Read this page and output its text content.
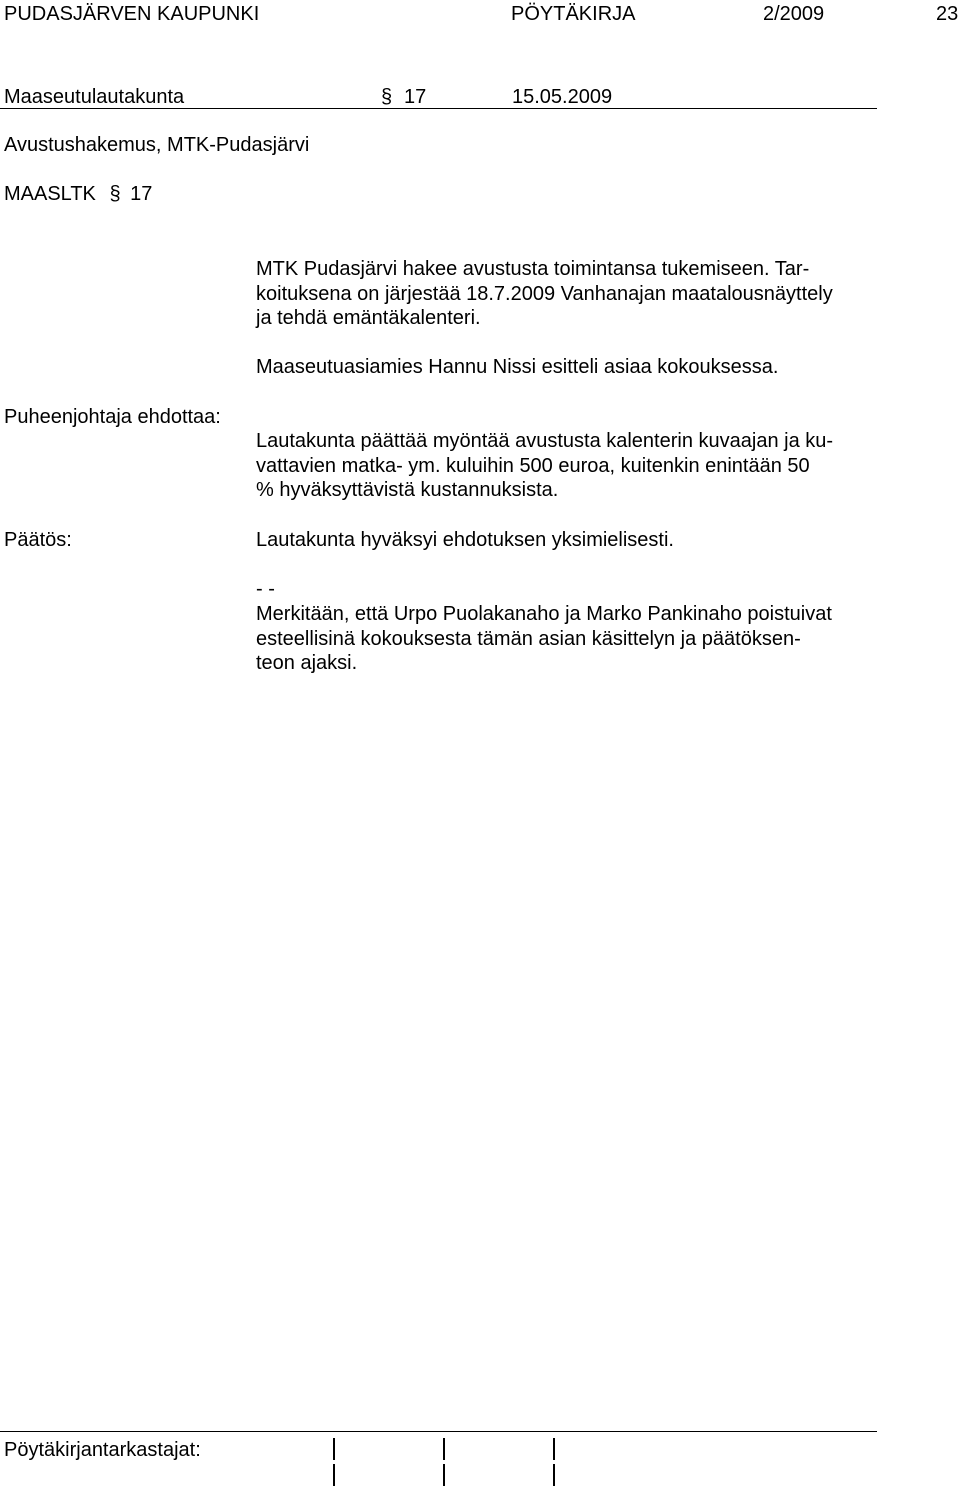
PUDASJÄRVEN KAUPUNKI	PÖYTÄKIRJA	2/2009	23
Maaseutulautakunta	§ 17	15.05.2009
Avustushakemus, MTK-Pudasjärvi
MAASLTK § 17
MTK Pudasjärvi hakee avustusta toimintansa tukemiseen. Tar-
koituksena on järjestää 18.7.2009 Vanhanajan maatalousnäyttely
ja tehdä emäntäkalenteri.
Maaseutuasiamies Hannu Nissi esitteli asiaa kokouksessa.
Puheenjohtaja ehdottaa:
Lautakunta päättää myöntää avustusta kalenterin kuvaajan ja ku-
vattavien matka- ym. kuluihin 500 euroa, kuitenkin enintään 50
% hyväksyttävistä kustannuksista.
Päätös:	Lautakunta hyväksyi ehdotuksen yksimielisesti.
- -
Merkitään, että Urpo Puolakanaho ja Marko Pankinaho poistuivat
esteellisinä kokouksesta tämän asian käsittelyn ja päätöksen-
teon ajaksi.
Pöytäkirjantarkastajat:
